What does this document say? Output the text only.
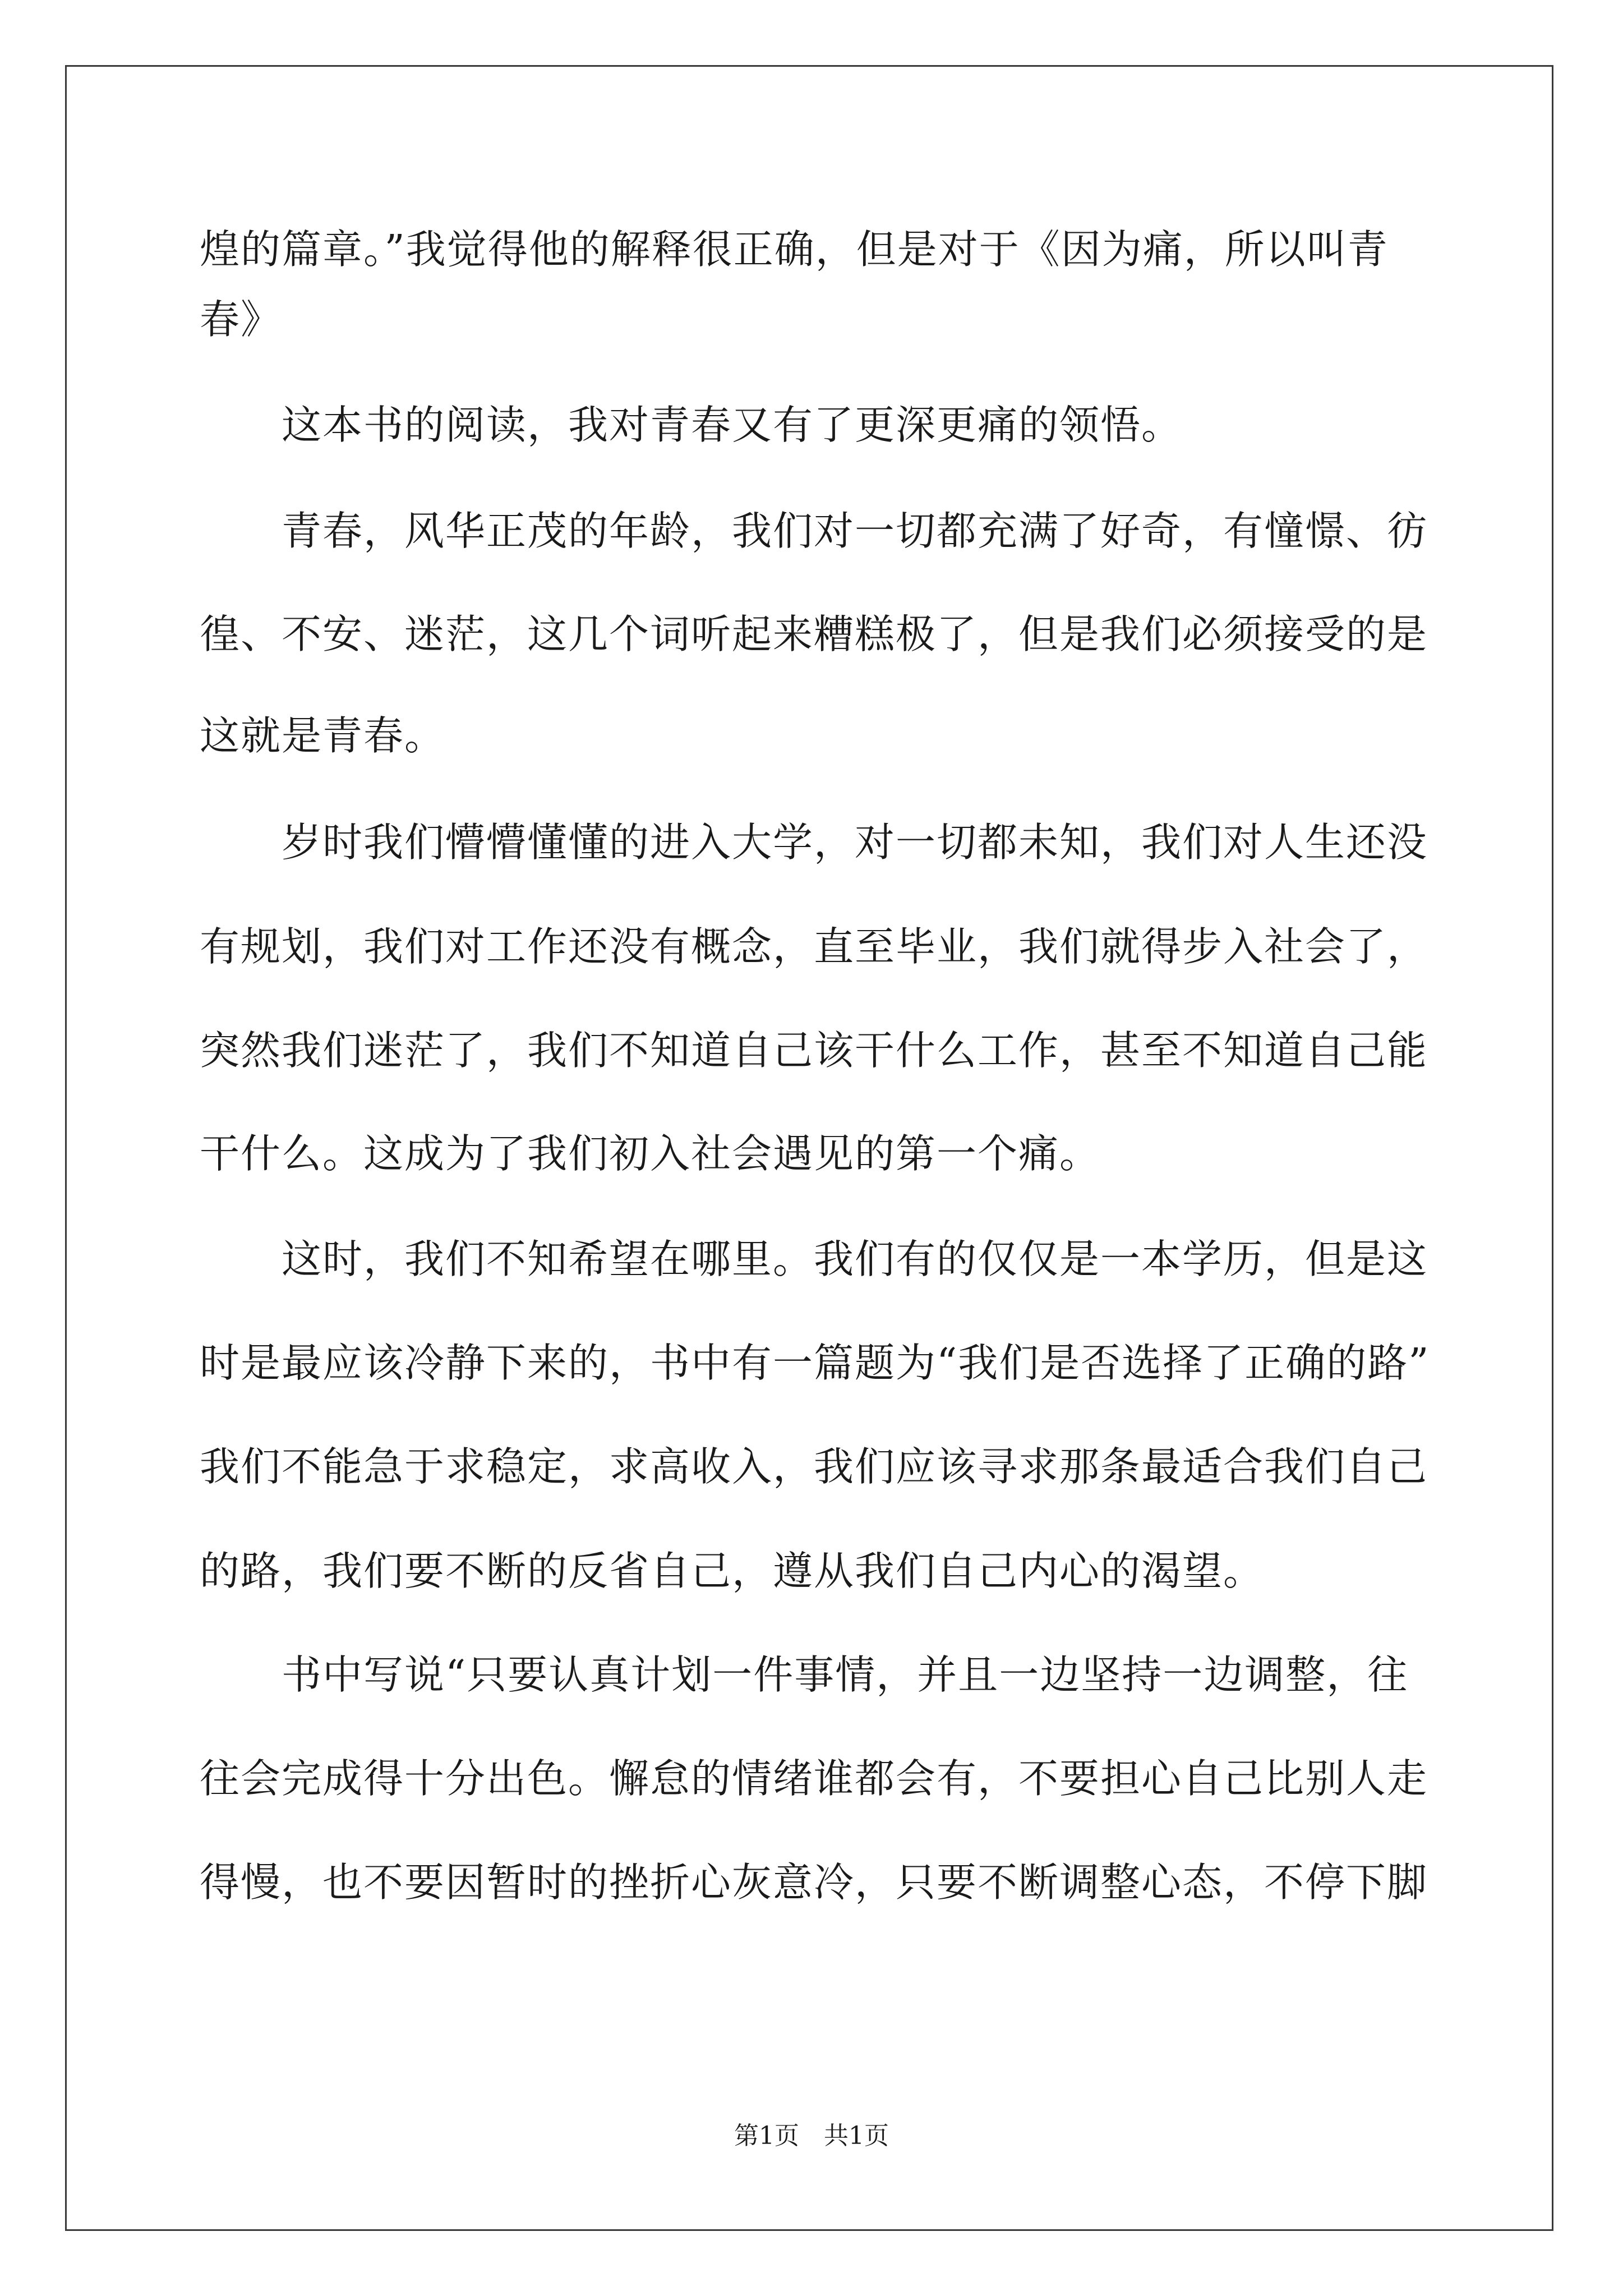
煌的篇章。”我觉得他的解释很正确，但是对于《因为痛，所以叫青
春》
　　这本书的阅读，我对青春又有了更深更痛的领悟。
　　青春，风华正茂的年龄，我们对一切都充满了好奇，有憧憬、彷
徨、不安、迷茫，这几个词听起来糟糕极了，但是我们必须接受的是
这就是青春。
　　岁时我们懵懵懂懂的进入大学，对一切都未知，我们对人生还没
有规划，我们对工作还没有概念，直至毕业，我们就得步入社会了，
突然我们迷茫了，我们不知道自己该干什么工作，甚至不知道自己能
干什么。这成为了我们初入社会遇见的第一个痛。
　　这时，我们不知希望在哪里。我们有的仅仅是一本学历，但是这
时是最应该冷静下来的，书中有一篇题为“我们是否选择了正确的路”
我们不能急于求稳定，求高收入，我们应该寻求那条最适合我们自己
的路，我们要不断的反省自己，遵从我们自己内心的渴望。
　　书中写说“只要认真计划一件事情，并且一边坚持一边调整，往
往会完成得十分出色。懈怠的情绪谁都会有，不要担心自己比别人走
得慢，也不要因暂时的挫折心灰意冷，只要不断调整心态，不停下脚
第1页　共1页
